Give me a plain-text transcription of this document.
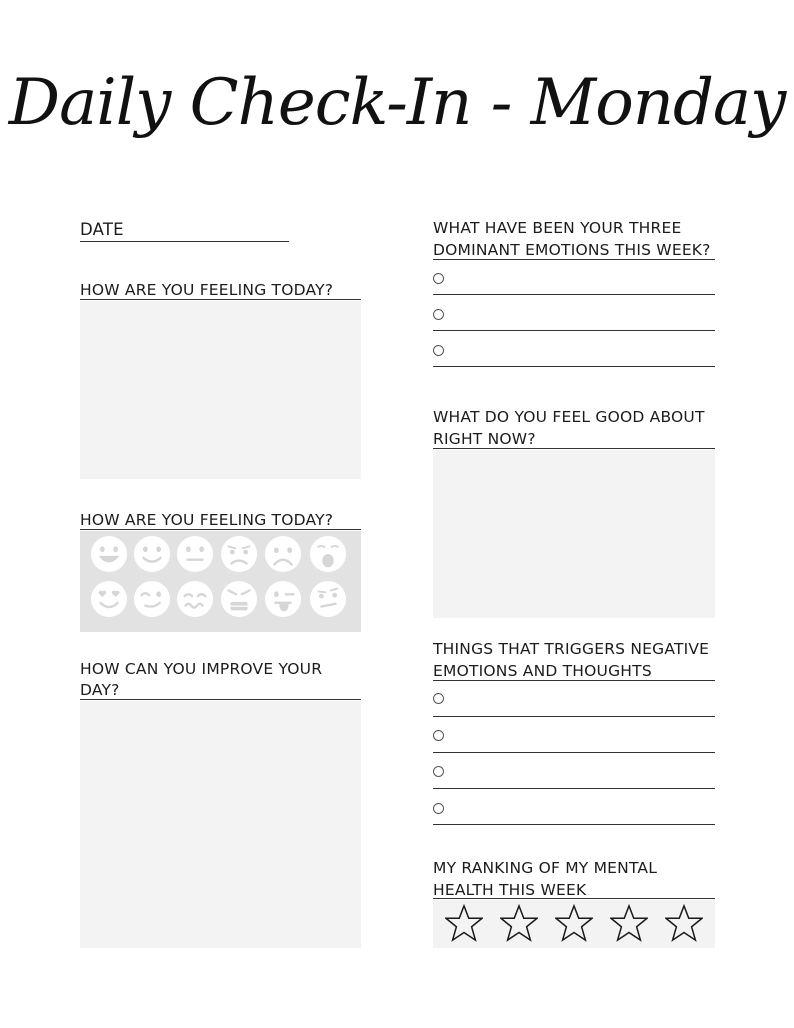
Daily Check-In - Monday
DATE
HOW ARE YOU FEELING TODAY?
HOW ARE YOU FEELING TODAY?
HOW CAN YOU IMPROVE YOUR
DAY?
WHAT HAVE BEEN YOUR THREE
DOMINANT EMOTIONS THIS WEEK?
WHAT DO YOU FEEL GOOD ABOUT
RIGHT NOW?
THINGS THAT TRIGGERS NEGATIVE
EMOTIONS AND THOUGHTS
MY RANKING OF MY MENTAL
HEALTH THIS WEEK
